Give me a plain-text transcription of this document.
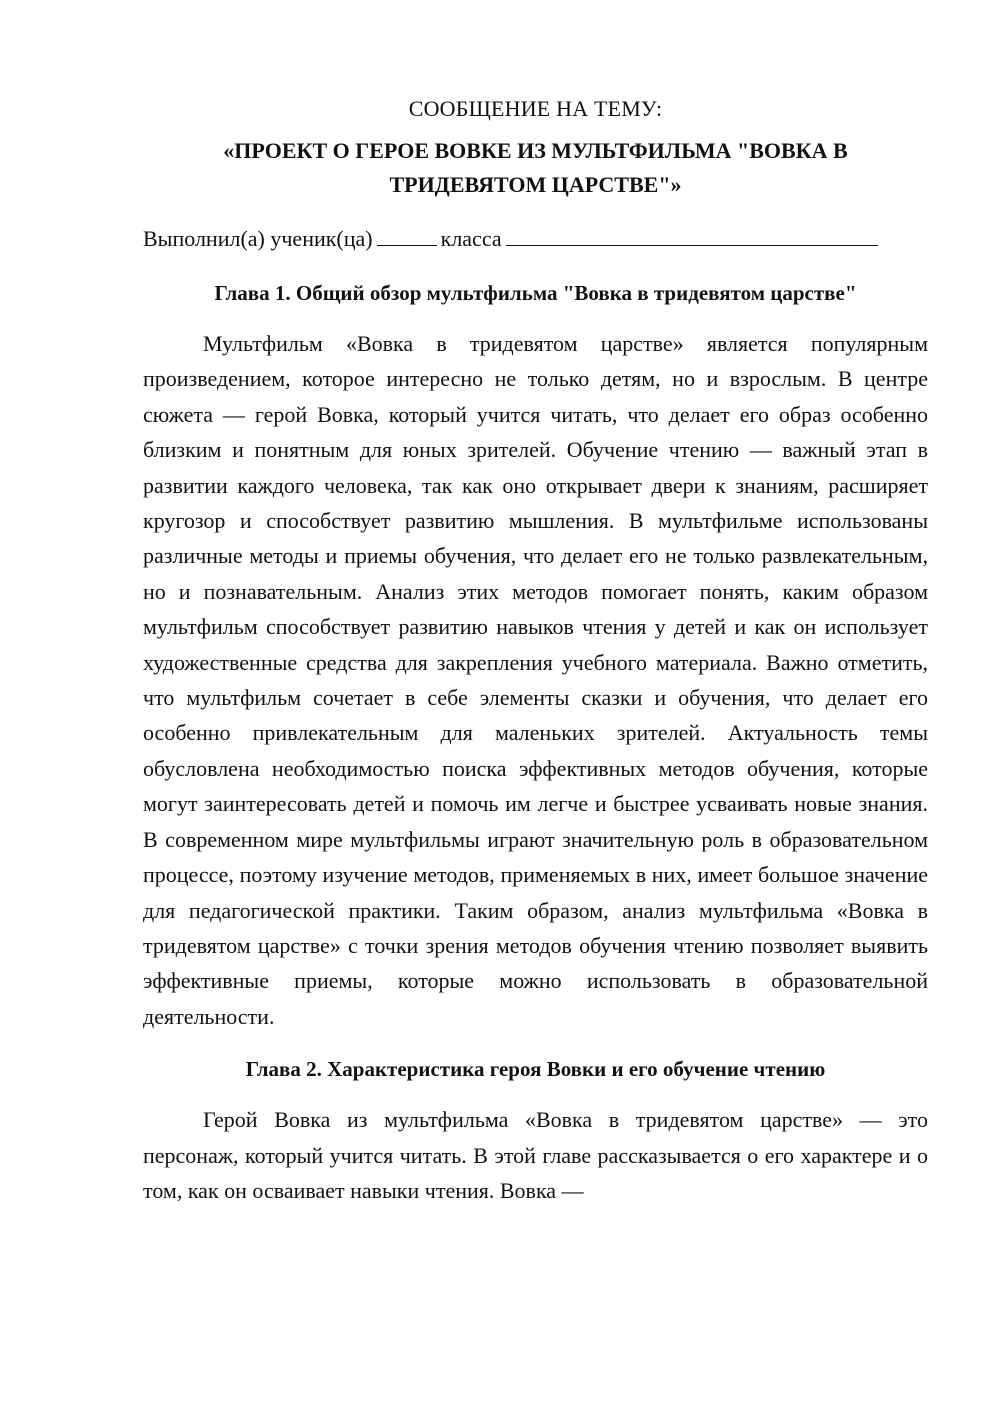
СООБЩЕНИЕ НА ТЕМУ:
«ПРОЕКТ О ГЕРОЕ ВОВКЕ ИЗ МУЛЬТФИЛЬМА "ВОВКА В ТРИДЕВЯТОМ ЦАРСТВЕ"»
Выполнил(а) ученик(ца)	класса
Глава 1. Общий обзор мультфильма "Вовка в тридевятом царстве"

Мультфильм «Вовка в тридевятом царстве» является популярным произведением, которое интересно не только детям, но и взрослым. В центре сюжета — герой Вовка, который учится читать, что делает его образ особенно близким и понятным для юных зрителей. Обучение чтению — важный этап в развитии каждого человека, так как оно открывает двери к знаниям, расширяет кругозор и способствует развитию мышления. В мультфильме использованы различные методы и приемы обучения, что делает его не только развлекательным, но и познавательным. Анализ этих методов помогает понять, каким образом мультфильм способствует развитию навыков чтения у детей и как он использует художественные средства для закрепления учебного материала. Важно отметить, что мультфильм сочетает в себе элементы сказки и обучения, что делает его особенно привлекательным для маленьких зрителей. Актуальность темы обусловлена необходимостью поиска эффективных методов обучения, которые могут заинтересовать детей и помочь им легче и быстрее усваивать новые знания. В современном мире мультфильмы играют значительную роль в образовательном процессе, поэтому изучение методов, применяемых в них, имеет большое значение для педагогической практики. Таким образом, анализ мультфильма «Вовка в тридевятом царстве» с точки зрения методов обучения чтению позволяет выявить эффективные приемы, которые можно использовать в образовательной деятельности.

Глава 2. Характеристика героя Вовки и его обучение чтению

Герой Вовка из мультфильма «Вовка в тридевятом царстве» — это персонаж, который учится читать. В этой главе рассказывается о его характере и о том, как он осваивает навыки чтения. Вовка —
